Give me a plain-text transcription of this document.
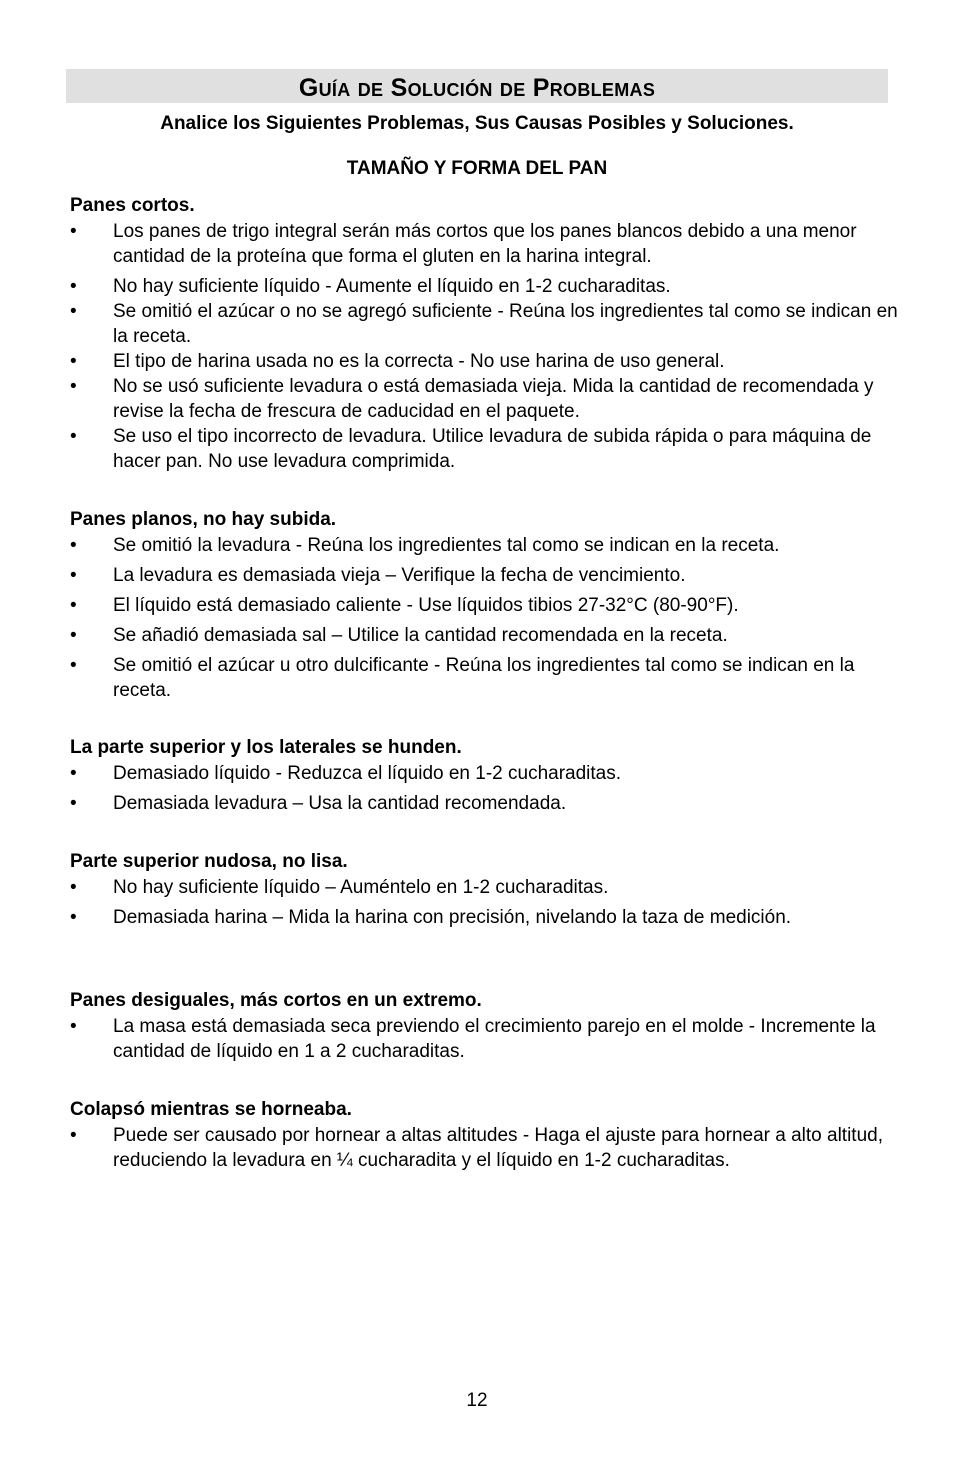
Guía de Solución de Problemas
Analice los Siguientes Problemas, Sus Causas Posibles y Soluciones.
TAMAÑO Y FORMA DEL PAN
Panes cortos.
•	Los panes de trigo integral serán más cortos que los panes blancos debido a una menor cantidad de la proteína que forma el gluten en la harina integral.
•	No hay suficiente líquido - Aumente el líquido en 1-2 cucharaditas.
•	Se omitió el azúcar o no se agregó suficiente - Reúna los ingredientes tal como se indican en la receta.
•	El tipo de harina usada no es la correcta - No use harina de uso general.
•	No se usó suficiente levadura o está demasiada vieja. Mida la cantidad de recomendada y revise la fecha de frescura de caducidad en el paquete.
•	Se uso el tipo incorrecto de levadura. Utilice levadura de subida rápida o para máquina de hacer pan. No use levadura comprimida.
Panes planos, no hay subida.
•	Se omitió la levadura - Reúna los ingredientes tal como se indican en la receta.
•	La levadura es demasiada vieja – Verifique la fecha de vencimiento.
•	El líquido está demasiado caliente - Use líquidos tibios 27-32°C (80-90°F).
•	Se añadió demasiada sal – Utilice la cantidad recomendada en la receta.
•	Se omitió el azúcar u otro dulcificante - Reúna los ingredientes tal como se indican en la receta.
La parte superior y los laterales se hunden.
•	Demasiado líquido - Reduzca el líquido en 1-2 cucharaditas.
•	Demasiada levadura – Usa la cantidad recomendada.
Parte superior nudosa, no lisa.
•	No hay suficiente líquido – Auméntelo en 1-2 cucharaditas.
•	Demasiada harina – Mida la harina con precisión, nivelando la taza de medición.
Panes desiguales, más cortos en un extremo.
•	La masa está demasiada seca previendo el crecimiento parejo en el molde - Incremente la cantidad de líquido en 1 a 2 cucharaditas.
Colapsó mientras se horneaba.
•	Puede ser causado por hornear a altas altitudes - Haga el ajuste para hornear a alto altitud, reduciendo la levadura en ¼ cucharadita y el líquido en 1-2 cucharaditas.
12
